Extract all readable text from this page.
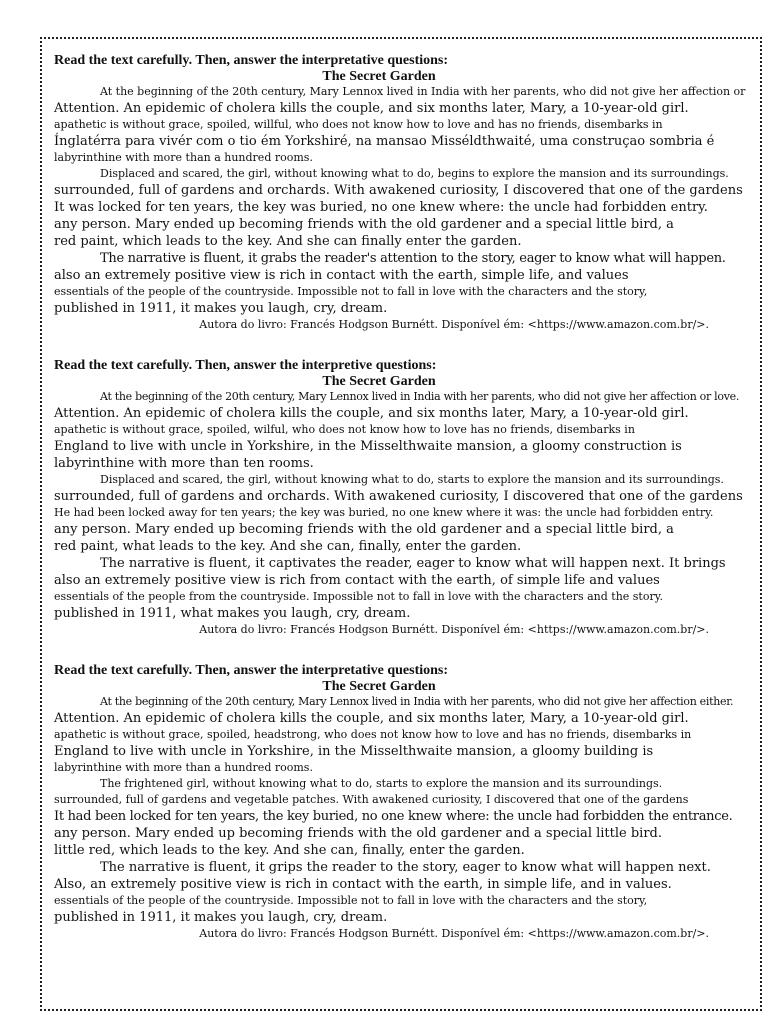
Read the text carefully. Then, answer the interpretative questions:

The Secret Garden

At the beginning of the 20th century, Mary Lennox lived in India with her parents, who did not give her affection or

Attention. An epidemic of cholera kills the couple, and six months later, Mary, a 10-year-old girl.

apathetic is without grace, spoiled, willful, who does not know how to love and has no friends, disembarks in

Ínglatérra para vivér com o tio ém Yorkshiré, na mansao Misséldthwaité, uma construçao sombria é

labyrinthine with more than a hundred rooms.

Displaced and scared, the girl, without knowing what to do, begins to explore the mansion and its surroundings.

surrounded, full of gardens and orchards. With awakened curiosity, I discovered that one of the gardens

It was locked for ten years, the key was buried, no one knew where: the uncle had forbidden entry.

any person. Mary ended up becoming friends with the old gardener and a special little bird, a

red paint, which leads to the key. And she can finally enter the garden.

The narrative is fluent, it grabs the reader's attention to the story, eager to know what will happen.

also an extremely positive view is rich in contact with the earth, simple life, and values

essentials of the people of the countryside. Impossible not to fall in love with the characters and the story,

published in 1911, it makes you laugh, cry, dream.

Autora do livro: Francés Hodgson Burnétt. Disponível ém: <https://www.amazon.com.br/>.

Read the text carefully. Then, answer the interpretive questions:

The Secret Garden

At the beginning of the 20th century, Mary Lennox lived in India with her parents, who did not give her affection or love.

Attention. An epidemic of cholera kills the couple, and six months later, Mary, a 10-year-old girl.

apathetic is without grace, spoiled, wilful, who does not know how to love has no friends, disembarks in

England to live with uncle in Yorkshire, in the Misselthwaite mansion, a gloomy construction is

labyrinthine with more than ten rooms.

Displaced and scared, the girl, without knowing what to do, starts to explore the mansion and its surroundings.

surrounded, full of gardens and orchards. With awakened curiosity, I discovered that one of the gardens

He had been locked away for ten years; the key was buried, no one knew where it was: the uncle had forbidden entry.

any person. Mary ended up becoming friends with the old gardener and a special little bird, a

red paint, what leads to the key. And she can, finally, enter the garden.

The narrative is fluent, it captivates the reader, eager to know what will happen next. It brings

also an extremely positive view is rich from contact with the earth, of simple life and values

essentials of the people from the countryside. Impossible not to fall in love with the characters and the story.

published in 1911, what makes you laugh, cry, dream.

Autora do livro: Francés Hodgson Burnétt. Disponível ém: <https://www.amazon.com.br/>.

Read the text carefully. Then, answer the interpretative questions:

The Secret Garden

At the beginning of the 20th century, Mary Lennox lived in India with her parents, who did not give her affection either.

Attention. An epidemic of cholera kills the couple, and six months later, Mary, a 10-year-old girl.

apathetic is without grace, spoiled, headstrong, who does not know how to love and has no friends, disembarks in

England to live with uncle in Yorkshire, in the Misselthwaite mansion, a gloomy building is

labyrinthine with more than a hundred rooms.

The frightened girl, without knowing what to do, starts to explore the mansion and its surroundings.

surrounded, full of gardens and vegetable patches. With awakened curiosity, I discovered that one of the gardens

It had been locked for ten years, the key buried, no one knew where: the uncle had forbidden the entrance.

any person. Mary ended up becoming friends with the old gardener and a special little bird.

little red, which leads to the key. And she can, finally, enter the garden.

The narrative is fluent, it grips the reader to the story, eager to know what will happen next.

Also, an extremely positive view is rich in contact with the earth, in simple life, and in values.

essentials of the people of the countryside. Impossible not to fall in love with the characters and the story,

published in 1911, it makes you laugh, cry, dream.

Autora do livro: Francés Hodgson Burnétt. Disponível ém: <https://www.amazon.com.br/>.
